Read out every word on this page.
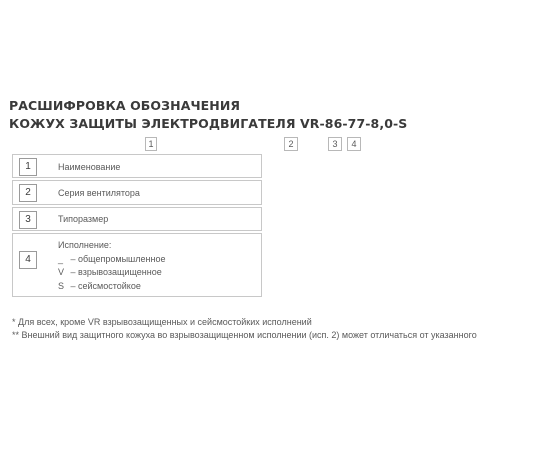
РАСШИФРОВКА ОБОЗНАЧЕНИЯ
КОЖУХ ЗАЩИТЫ ЭЛЕКТРОДВИГАТЕЛЯ VR-86-77-8,0-S
1	2	3	4
1	Наименование
2	Серия вентилятора
3	Типоразмер
4
Исполнение:
_ – общепромышленное
V – взрывозащищенное
S – сейсмостойкое
* Для всех, кроме VR взрывозащищенных и сейсмостойких исполнений
** Внешний вид защитного кожуха во взрывозащищенном исполнении (исп. 2) может отличаться от указанного
